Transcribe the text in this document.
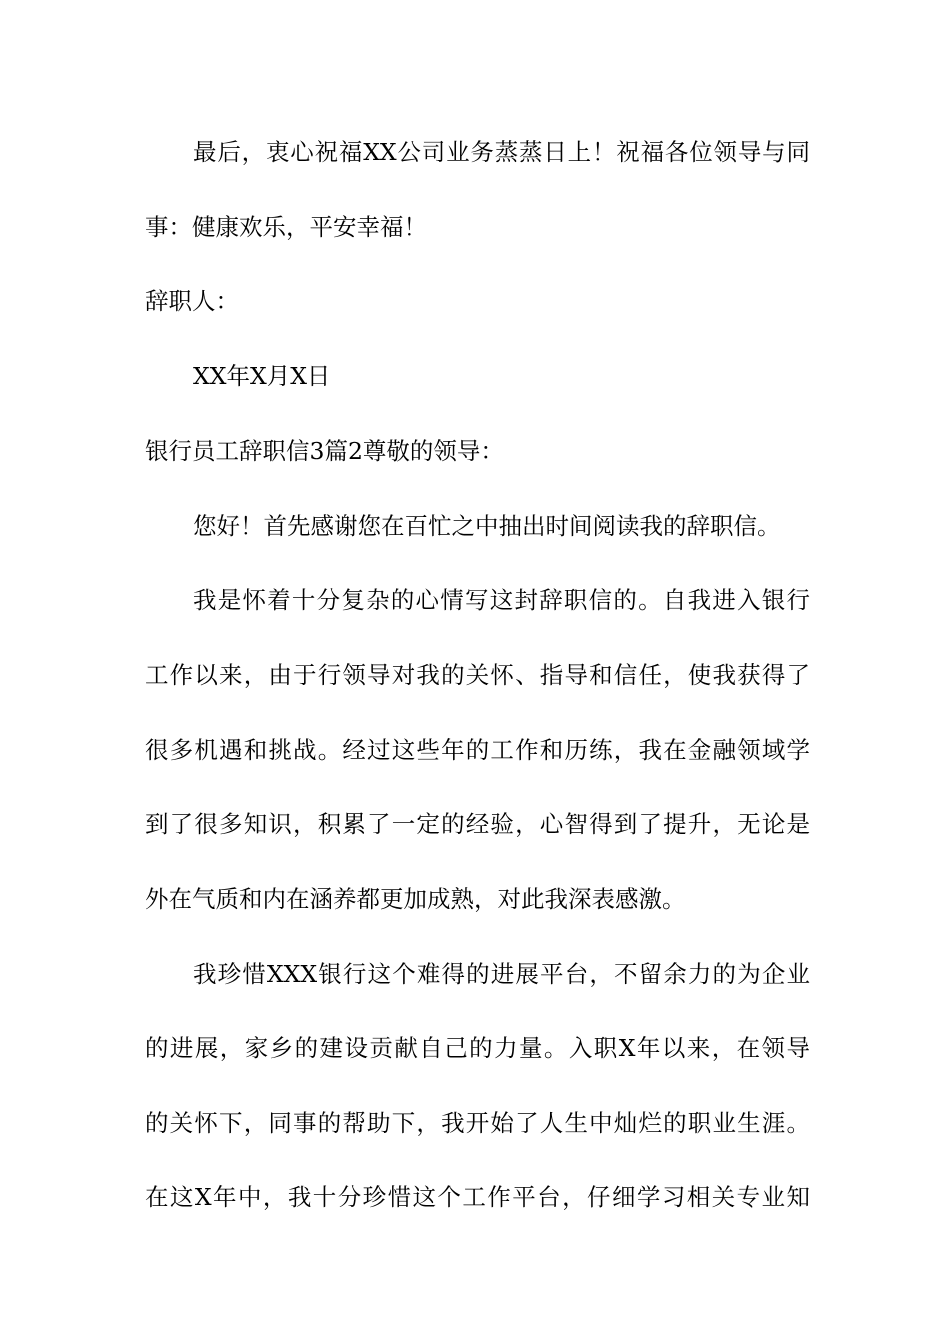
最后，衷心祝福XX公司业务蒸蒸日上！祝福各位领导与同
事：健康欢乐，平安幸福！
辞职人：
XX年X月X日
银行员工辞职信3篇2尊敬的领导：
您好！首先感谢您在百忙之中抽出时间阅读我的辞职信。
我是怀着十分复杂的心情写这封辞职信的。自我进入银行
工作以来，由于行领导对我的关怀、指导和信任，使我获得了
很多机遇和挑战。经过这些年的工作和历练，我在金融领域学
到了很多知识，积累了一定的经验，心智得到了提升，无论是
外在气质和内在涵养都更加成熟，对此我深表感激。
我珍惜XXX银行这个难得的进展平台，不留余力的为企业
的进展，家乡的建设贡献自己的力量。入职X年以来，在领导
的关怀下，同事的帮助下，我开始了人生中灿烂的职业生涯。
在这X年中，我十分珍惜这个工作平台，仔细学习相关专业知
